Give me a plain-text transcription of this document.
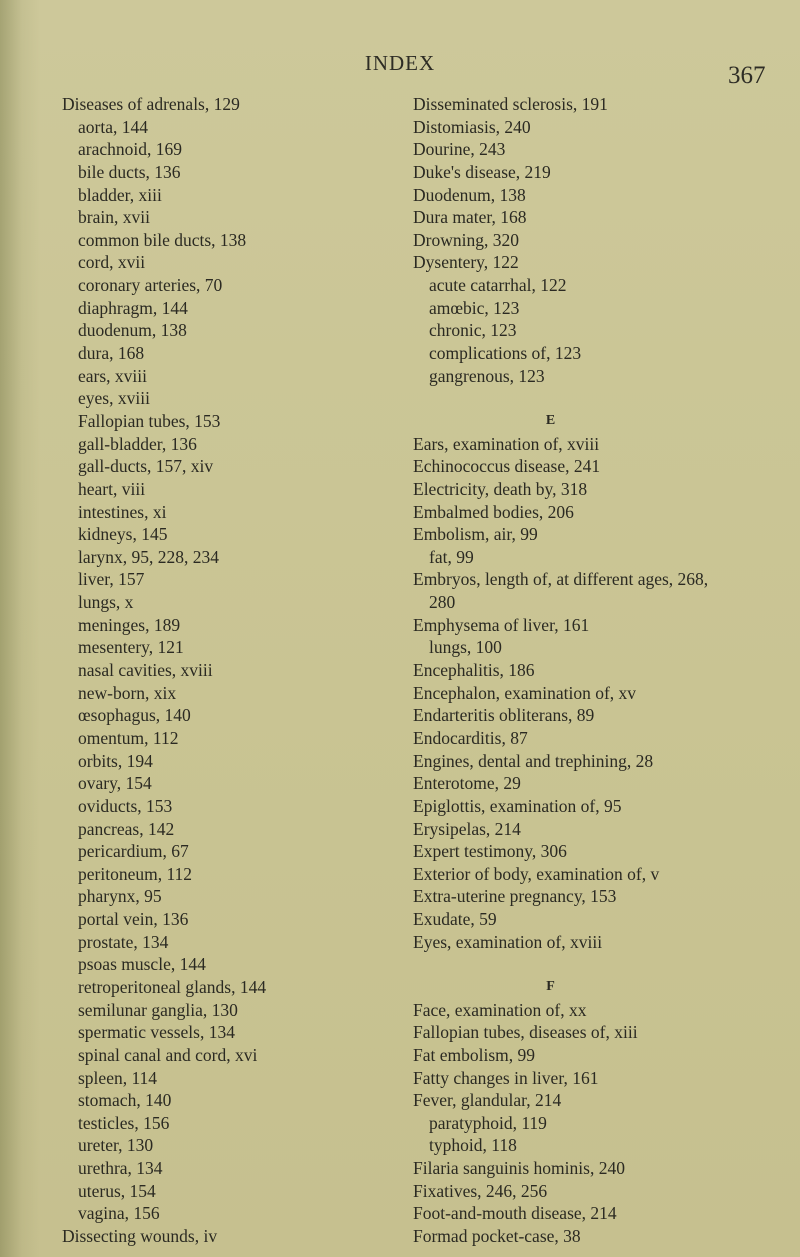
INDEX	367
Diseases of adrenals, 129
aorta, 144
arachnoid, 169
bile ducts, 136
bladder, xiii
brain, xvii
common bile ducts, 138
cord, xvii
coronary arteries, 70
diaphragm, 144
duodenum, 138
dura, 168
ears, xviii
eyes, xviii
Fallopian tubes, 153
gall-bladder, 136
gall-ducts, 157, xiv
heart, viii
intestines, xi
kidneys, 145
larynx, 95, 228, 234
liver, 157
lungs, x
meninges, 189
mesentery, 121
nasal cavities, xviii
new-born, xix
œsophagus, 140
omentum, 112
orbits, 194
ovary, 154
oviducts, 153
pancreas, 142
pericardium, 67
peritoneum, 112
pharynx, 95
portal vein, 136
prostate, 134
psoas muscle, 144
retroperitoneal glands, 144
semilunar ganglia, 130
spermatic vessels, 134
spinal canal and cord, xvi
spleen, 114
stomach, 140
testicles, 156
ureter, 130
urethra, 134
uterus, 154
vagina, 156
Dissecting wounds, iv
Disseminated sclerosis, 191
Distomiasis, 240
Dourine, 243
Duke's disease, 219
Duodenum, 138
Dura mater, 168
Drowning, 320
Dysentery, 122
acute catarrhal, 122
amœbic, 123
chronic, 123
complications of, 123
gangrenous, 123
E
Ears, examination of, xviii
Echinococcus disease, 241
Electricity, death by, 318
Embalmed bodies, 206
Embolism, air, 99
fat, 99
Embryos, length of, at different ages, 268,
280
Emphysema of liver, 161
lungs, 100
Encephalitis, 186
Encephalon, examination of, xv
Endarteritis obliterans, 89
Endocarditis, 87
Engines, dental and trephining, 28
Enterotome, 29
Epiglottis, examination of, 95
Erysipelas, 214
Expert testimony, 306
Exterior of body, examination of, v
Extra-uterine pregnancy, 153
Exudate, 59
Eyes, examination of, xviii
F
Face, examination of, xx
Fallopian tubes, diseases of, xiii
Fat embolism, 99
Fatty changes in liver, 161
Fever, glandular, 214
paratyphoid, 119
typhoid, 118
Filaria sanguinis hominis, 240
Fixatives, 246, 256
Foot-and-mouth disease, 214
Formad pocket-case, 38
